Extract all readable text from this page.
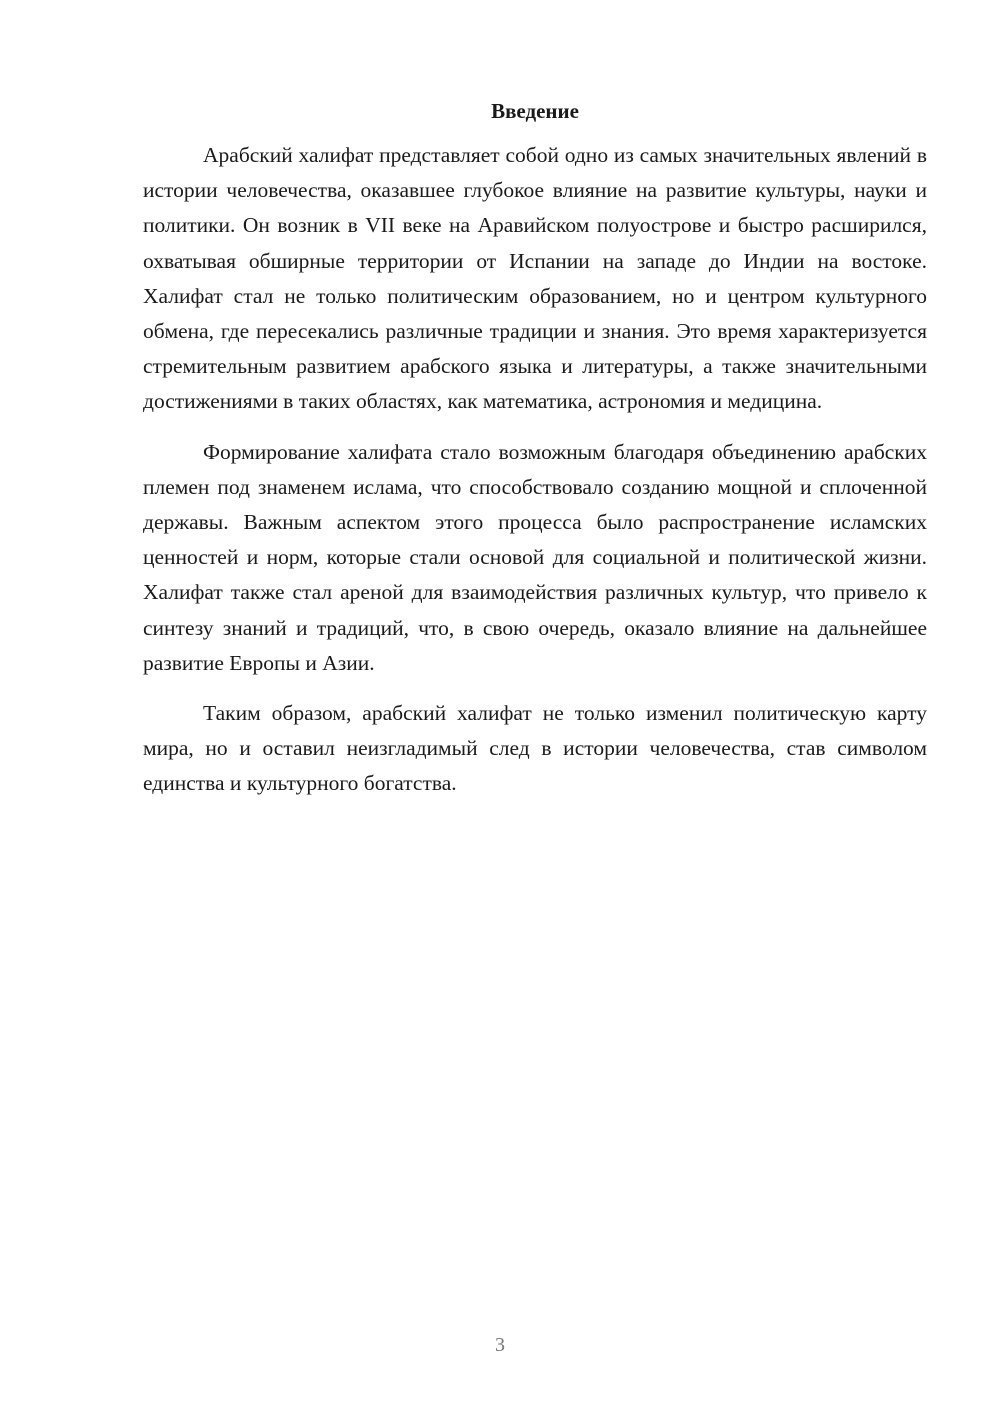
Введение

Арабский халифат представляет собой одно из самых значительных явлений в истории человечества, оказавшее глубокое влияние на развитие культуры, науки и политики. Он возник в VII веке на Аравийском полуострове и быстро расширился, охватывая обширные территории от Испании на западе до Индии на востоке. Халифат стал не только политическим образованием, но и центром культурного обмена, где пересекались различные традиции и знания. Это время характеризуется стремительным развитием арабского языка и литературы, а также значительными достижениями в таких областях, как математика, астрономия и медицина.

Формирование халифата стало возможным благодаря объединению арабских племен под знаменем ислама, что способствовало созданию мощной и сплоченной державы. Важным аспектом этого процесса было распространение исламских ценностей и норм, которые стали основой для социальной и политической жизни. Халифат также стал ареной для взаимодействия различных культур, что привело к синтезу знаний и традиций, что, в свою очередь, оказало влияние на дальнейшее развитие Европы и Азии.

Таким образом, арабский халифат не только изменил политическую карту мира, но и оставил неизгладимый след в истории человечества, став символом единства и культурного богатства.

3
